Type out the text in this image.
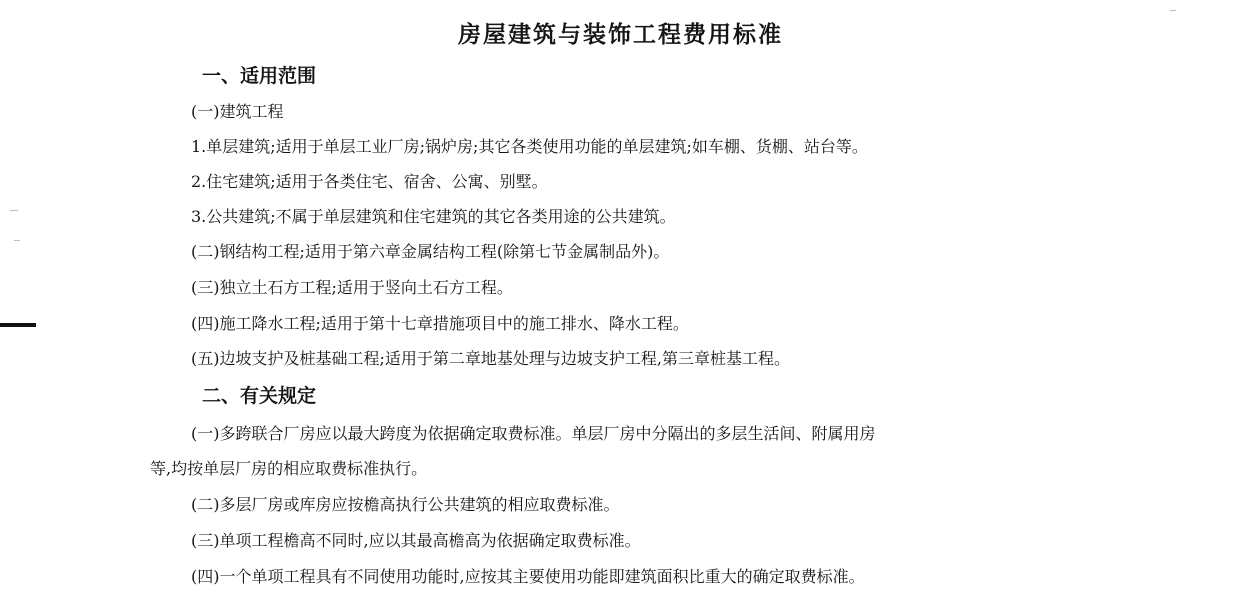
房屋建筑与装饰工程费用标准
一、适用范围
(一)建筑工程
1.单层建筑;适用于单层工业厂房;锅炉房;其它各类使用功能的单层建筑;如车棚、货棚、站台等。
2.住宅建筑;适用于各类住宅、宿舍、公寓、别墅。
3.公共建筑;不属于单层建筑和住宅建筑的其它各类用途的公共建筑。
(二)钢结构工程;适用于第六章金属结构工程(除第七节金属制品外)。
(三)独立土石方工程;适用于竖向土石方工程。
(四)施工降水工程;适用于第十七章措施项目中的施工排水、降水工程。
(五)边坡支护及桩基础工程;适用于第二章地基处理与边坡支护工程,第三章桩基工程。
二、有关规定
(一)多跨联合厂房应以最大跨度为依据确定取费标准。单层厂房中分隔出的多层生活间、附属用房
等,均按单层厂房的相应取费标准执行。
(二)多层厂房或库房应按檐高执行公共建筑的相应取费标准。
(三)单项工程檐高不同时,应以其最高檐高为依据确定取费标准。
(四)一个单项工程具有不同使用功能时,应按其主要使用功能即建筑面积比重大的确定取费标准。
